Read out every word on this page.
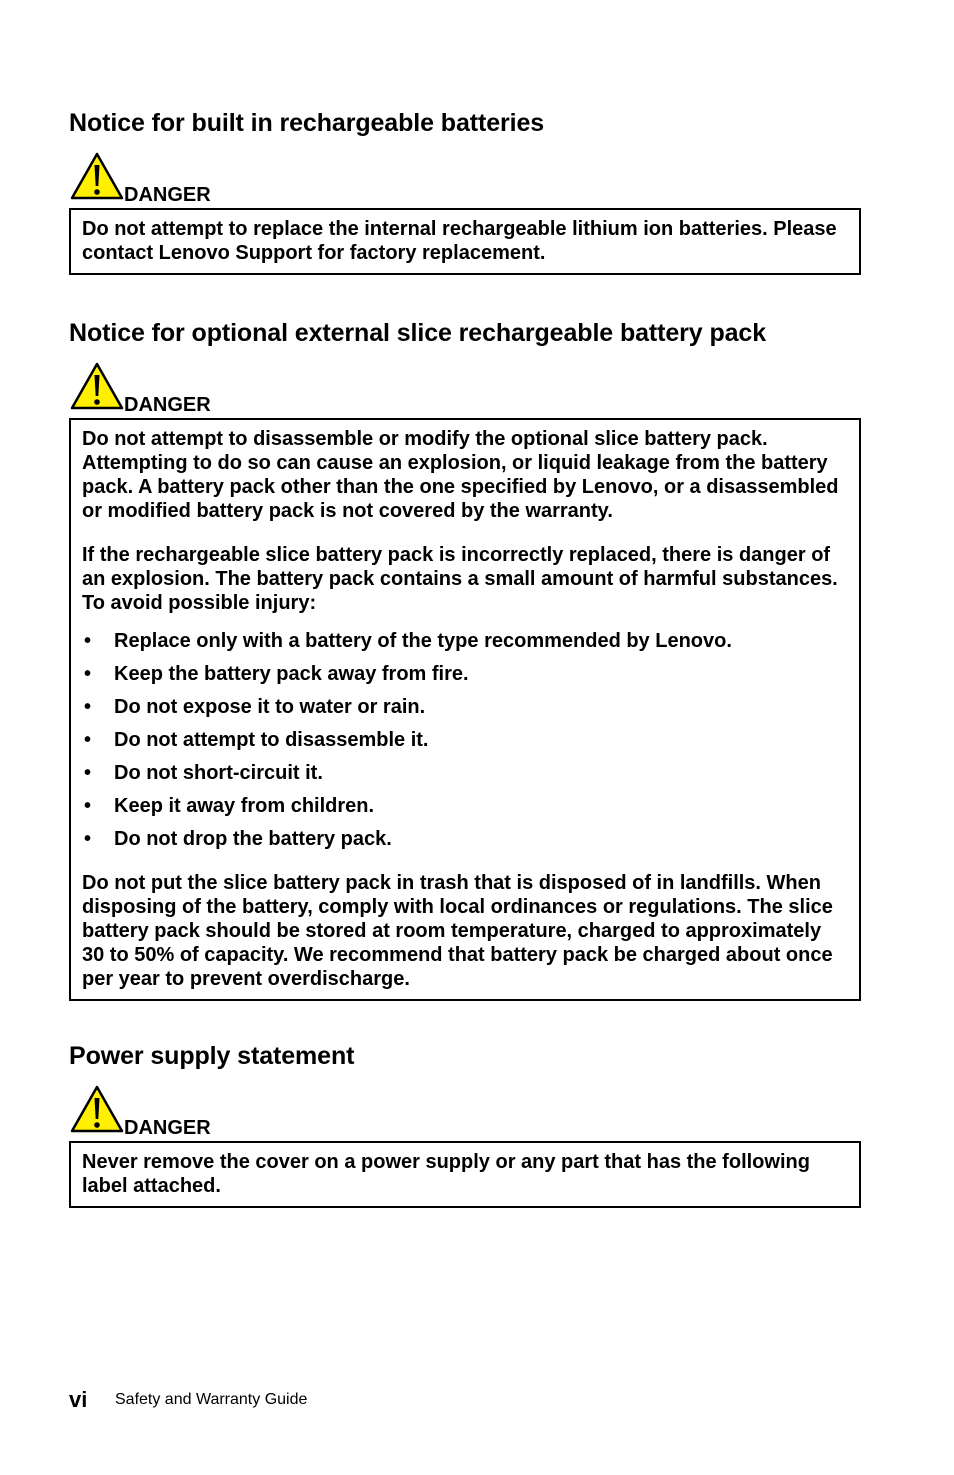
Notice for built in rechargeable batteries
DANGER

Do not attempt to replace the internal rechargeable lithium ion batteries. Please contact Lenovo Support for factory replacement.

Notice for optional external slice rechargeable battery pack
DANGER

Do not attempt to disassemble or modify the optional slice battery pack. Attempting to do so can cause an explosion, or liquid leakage from the battery pack. A battery pack other than the one specified by Lenovo, or a disassembled or modified battery pack is not covered by the warranty.

If the rechargeable slice battery pack is incorrectly replaced, there is danger of an explosion. The battery pack contains a small amount of harmful substances. To avoid possible injury:

• Replace only with a battery of the type recommended by Lenovo.
• Keep the battery pack away from fire.
• Do not expose it to water or rain.
• Do not attempt to disassemble it.
• Do not short-circuit it.
• Keep it away from children.
• Do not drop the battery pack.

Do not put the slice battery pack in trash that is disposed of in landfills. When disposing of the battery, comply with local ordinances or regulations. The slice battery pack should be stored at room temperature, charged to approximately 30 to 50% of capacity. We recommend that battery pack be charged about once per year to prevent overdischarge.

Power supply statement
DANGER

Never remove the cover on a power supply or any part that has the following label attached.

vi Safety and Warranty Guide
